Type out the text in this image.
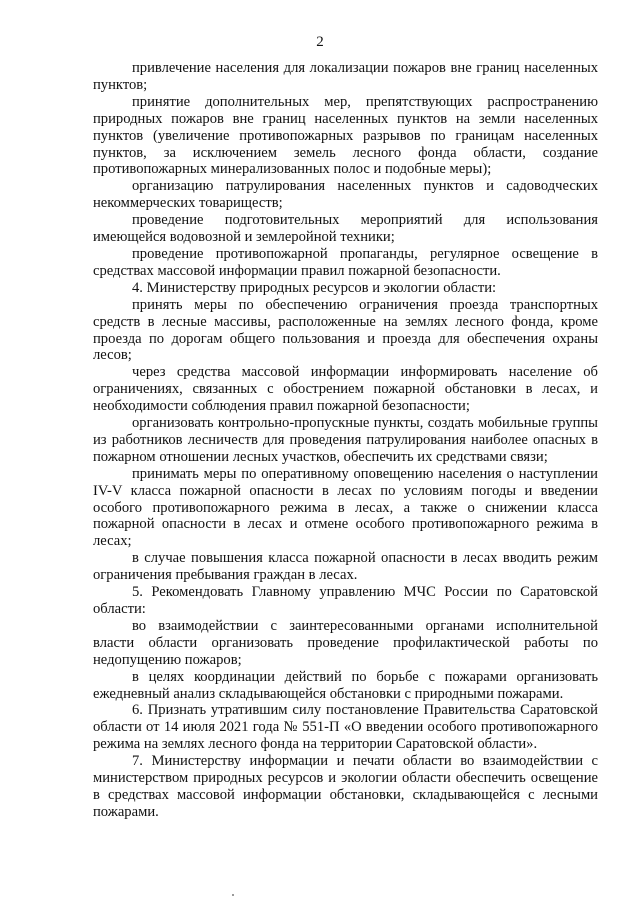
2

привлечение населения для локализации пожаров вне границ населенных пунктов;

принятие дополнительных мер, препятствующих распространению природных пожаров вне границ населенных пунктов на земли населенных пунктов (увеличение противопожарных разрывов по границам населенных пунктов, за исключением земель лесного фонда области, создание противопожарных минерализованных полос и подобные меры);

организацию патрулирования населенных пунктов и садоводческих некоммерческих товариществ;

проведение подготовительных мероприятий для использования имеющейся водовозной и землеройной техники;

проведение противопожарной пропаганды, регулярное освещение в средствах массовой информации правил пожарной безопасности.

4. Министерству природных ресурсов и экологии области:

принять меры по обеспечению ограничения проезда транспортных средств в лесные массивы, расположенные на землях лесного фонда, кроме проезда по дорогам общего пользования и проезда для обеспечения охраны лесов;

через средства массовой информации информировать население об ограничениях, связанных с обострением пожарной обстановки в лесах, и необходимости соблюдения правил пожарной безопасности;

организовать контрольно-пропускные пункты, создать мобильные группы из работников лесничеств для проведения патрулирования наиболее опасных в пожарном отношении лесных участков, обеспечить их средствами связи;

принимать меры по оперативному оповещению населения о наступлении IV-V класса пожарной опасности в лесах по условиям погоды и введении особого противопожарного режима в лесах, а также о снижении класса пожарной опасности в лесах и отмене особого противопожарного режима в лесах;

в случае повышения класса пожарной опасности в лесах вводить режим ограничения пребывания граждан в лесах.

5. Рекомендовать Главному управлению МЧС России по Саратовской области:

во взаимодействии с заинтересованными органами исполнительной власти области организовать проведение профилактической работы по недопущению пожаров;

в целях координации действий по борьбе с пожарами организовать ежедневный анализ складывающейся обстановки с природными пожарами.

6. Признать утратившим силу постановление Правительства Саратовской области от 14 июля 2021 года № 551-П «О введении особого противопожарного режима на землях лесного фонда на территории Саратовской области».

7. Министерству информации и печати области во взаимодействии с министерством природных ресурсов и экологии области обеспечить освещение в средствах массовой информации обстановки, складывающейся с лесными пожарами.
